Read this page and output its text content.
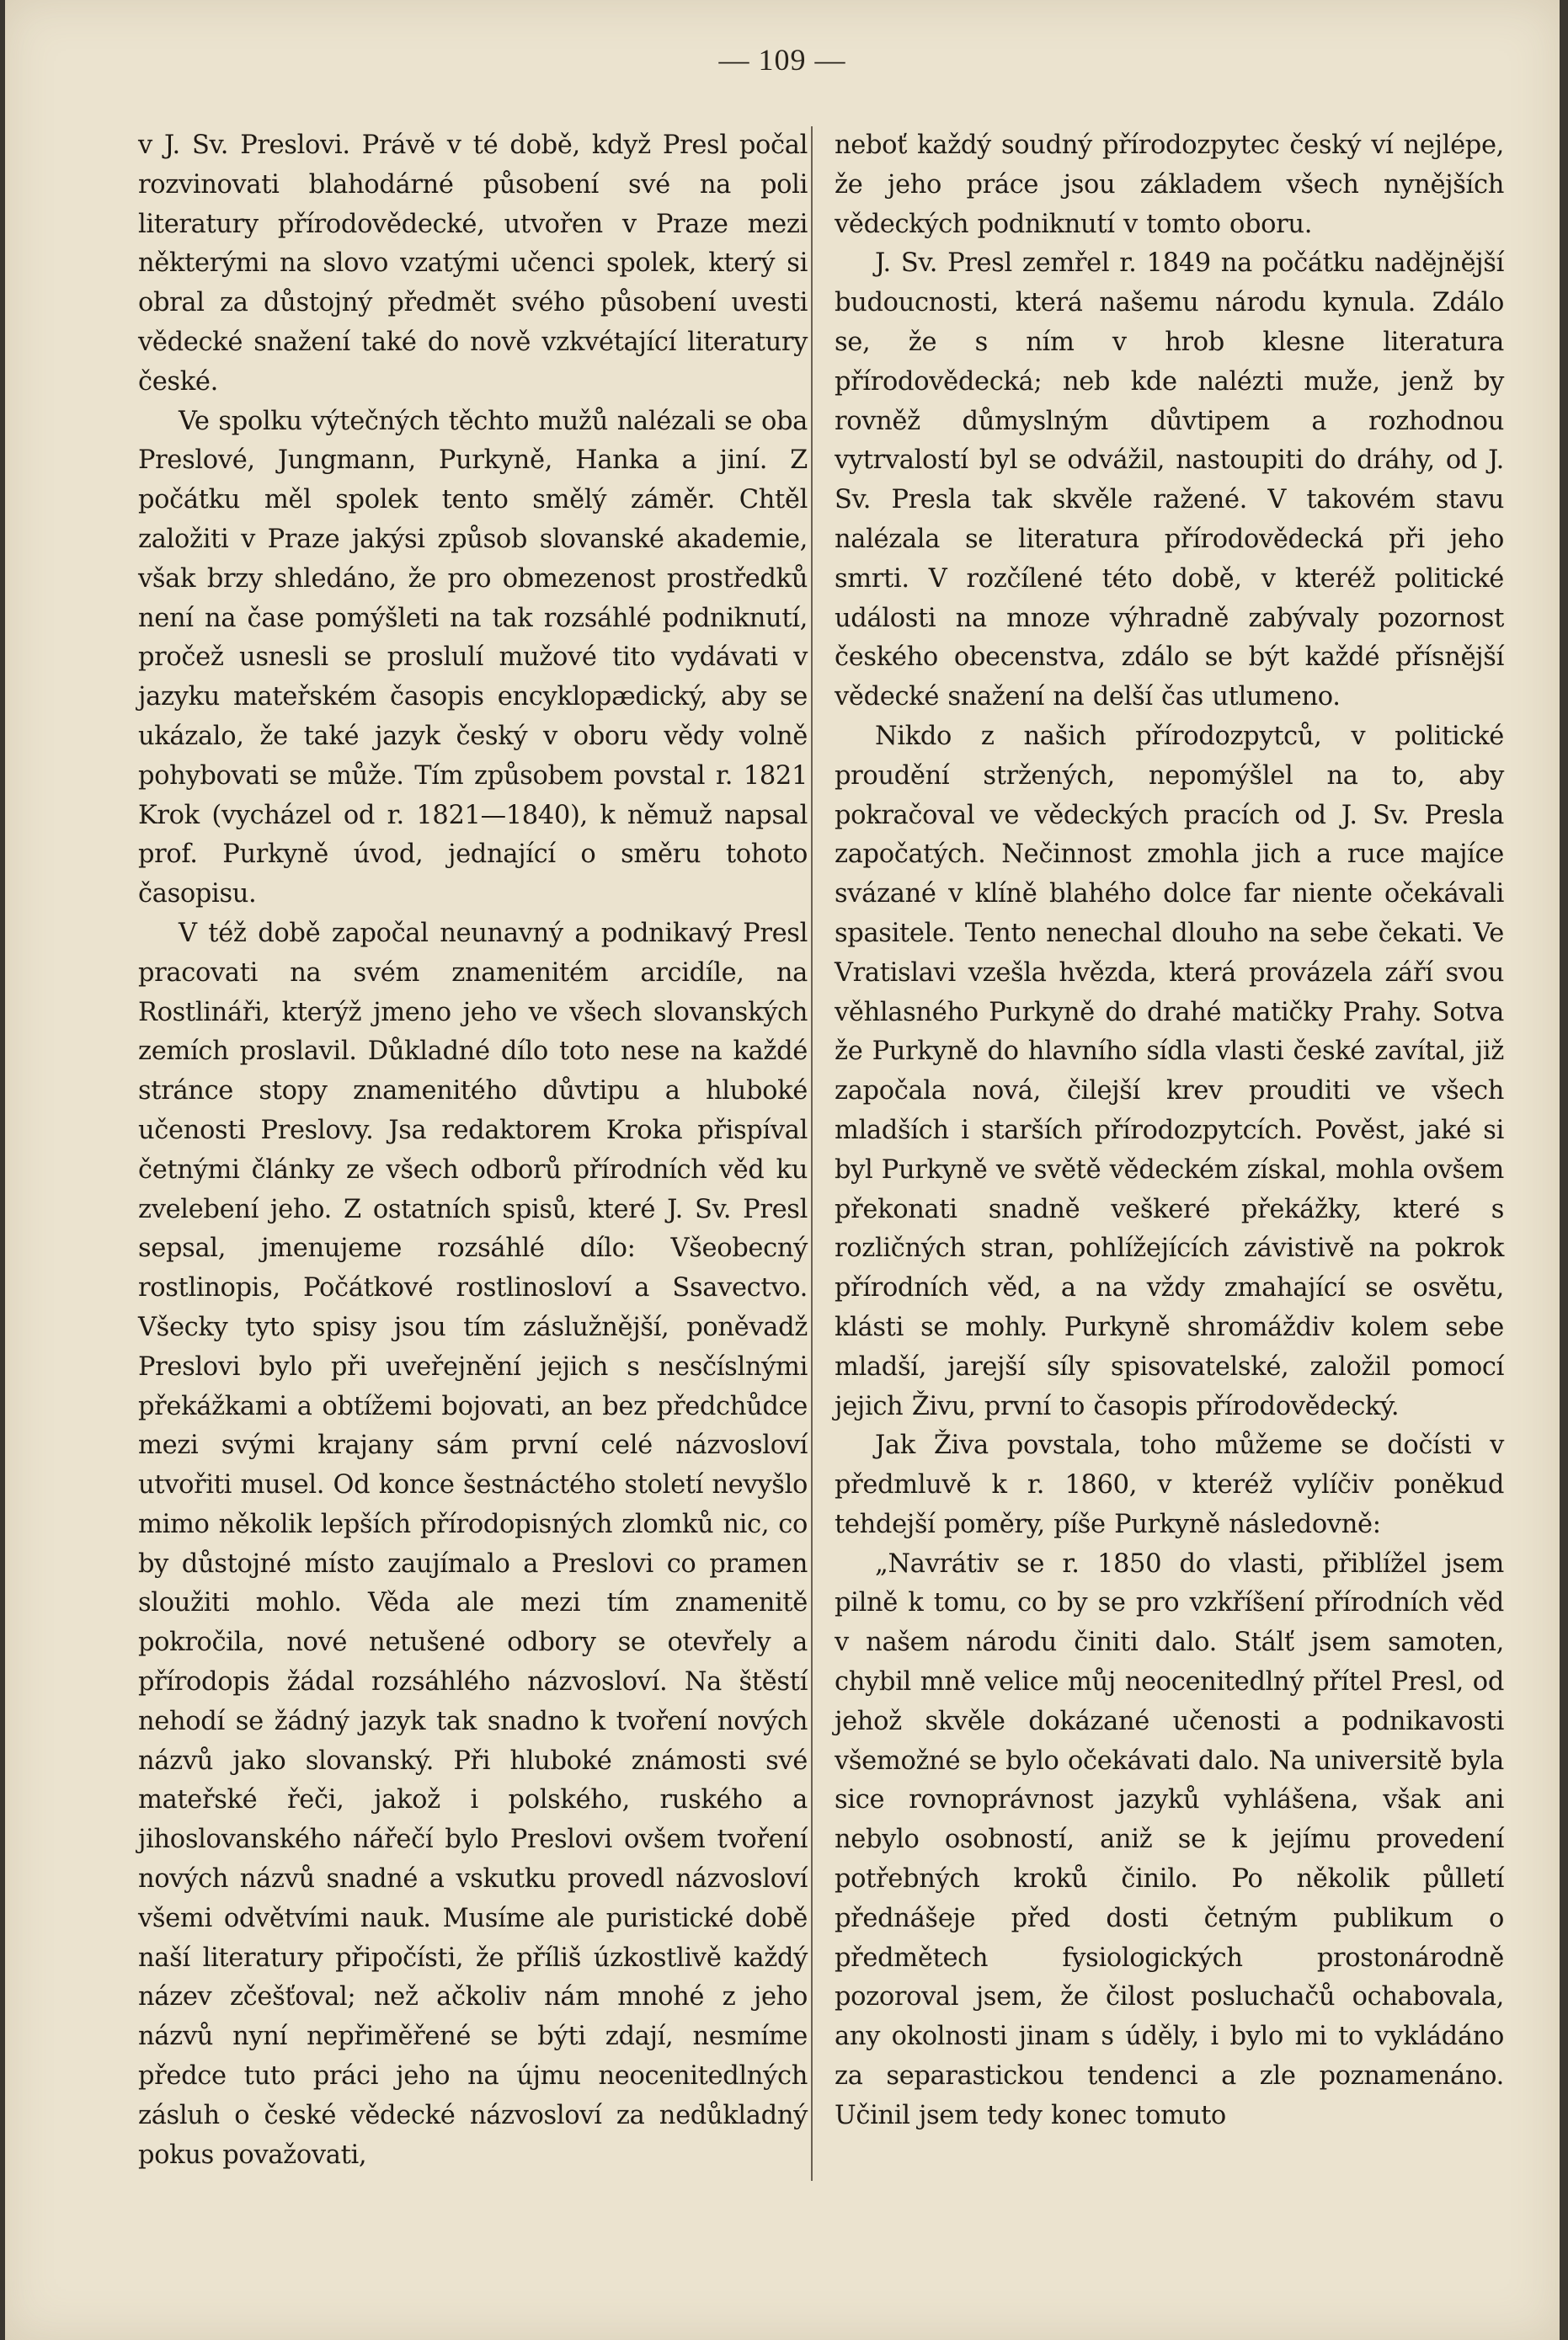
— 109 —

v J. Sv. Preslovi. Právě v té době, když Presl počal rozvinovati blahodárné působení své na poli literatury přírodovědecké, utvořen v Praze mezi některými na slovo vzatými učenci spolek, který si obral za důstojný předmět svého působení uvesti vědecké snažení také do nově vzkvétající literatury české.

Ve spolku výtečných těchto mužů nalézali se oba Preslové, Jungmann, Purkyně, Hanka a jiní. Z počátku měl spolek tento smělý záměr. Chtěl založiti v Praze jakýsi způsob slovanské akademie, však brzy shledáno, že pro obmezenost prostředků není na čase pomýšleti na tak rozsáhlé podniknutí, pročež usnesli se proslulí mužové tito vydávati v jazyku mateřském časopis encyklopædický, aby se ukázalo, že také jazyk český v oboru vědy volně pohybovati se může. Tím způsobem povstal r. 1821 Krok (vycházel od r. 1821—1840), k němuž napsal prof. Purkyně úvod, jednající o směru tohoto časopisu.

V též době započal neunavný a podnikavý Presl pracovati na svém znamenitém arcidíle, na Rostlináři, kterýž jmeno jeho ve všech slovanských zemích proslavil. Důkladné dílo toto nese na každé stránce stopy znamenitého důvtipu a hluboké učenosti Preslovy. Jsa redaktorem Kroka přispíval četnými články ze všech odborů přírodních věd ku zvelebení jeho. Z ostatních spisů, které J. Sv. Presl sepsal, jmenujeme rozsáhlé dílo: Všeobecný rostlinopis, Počátkové rostlinosloví a Ssavectvo. Všecky tyto spisy jsou tím záslužnější, poněvadž Preslovi bylo při uveřejnění jejich s nesčíslnými překážkami a obtížemi bojovati, an bez předchůdce mezi svými krajany sám první celé názvosloví utvořiti musel. Od konce šestnáctého století nevyšlo mimo několik lepších přírodopisných zlomků nic, co by důstojné místo zaujímalo a Preslovi co pramen sloužiti mohlo. Věda ale mezi tím znamenitě pokročila, nové netušené odbory se otevřely a přírodopis žádal rozsáhlého názvosloví. Na štěstí nehodí se žádný jazyk tak snadno k tvoření nových názvů jako slovanský. Při hluboké známosti své mateřské řeči, jakož i polského, ruského a jihoslovanského nářečí bylo Preslovi ovšem tvoření nových názvů snadné a vskutku provedl názvosloví všemi odvětvími nauk. Musíme ale puristické době naší literatury připočísti, že příliš úzkostlivě každý název zčešťoval; než ačkoliv nám mnohé z jeho názvů nyní nepřiměřené se býti zdají, nesmíme předce tuto práci jeho na újmu neocenitedlných zásluh o české vědecké názvosloví za nedůkladný pokus považovati,

neboť každý soudný přírodozpytec český ví nejlépe, že jeho práce jsou základem všech nynějších vědeckých podniknutí v tomto oboru.

J. Sv. Presl zemřel r. 1849 na počátku nadějnější budoucnosti, která našemu národu kynula. Zdálo se, že s ním v hrob klesne literatura přírodovědecká; neb kde nalézti muže, jenž by rovněž důmyslným důvtipem a rozhodnou vytrvalostí byl se odvážil, nastoupiti do dráhy, od J. Sv. Presla tak skvěle ražené. V takovém stavu nalézala se literatura přírodovědecká při jeho smrti. V rozčílené této době, v kteréž politické události na mnoze výhradně zabývaly pozornost českého obecenstva, zdálo se být každé přísnější vědecké snažení na delší čas utlumeno.

Nikdo z našich přírodozpytců, v politické proudění stržených, nepomýšlel na to, aby pokračoval ve vědeckých pracích od J. Sv. Presla započatých. Nečinnost zmohla jich a ruce majíce svázané v klíně blahého dolce far niente očekávali spasitele. Tento nenechal dlouho na sebe čekati. Ve Vratislavi vzešla hvězda, která provázela září svou věhlasného Purkyně do drahé matičky Prahy. Sotva že Purkyně do hlavního sídla vlasti české zavítal, již započala nová, čilejší krev prouditi ve všech mladších i starších přírodozpytcích. Pověst, jaké si byl Purkyně ve světě vědeckém získal, mohla ovšem překonati snadně veškeré překážky, které s rozličných stran, pohlížejících závistivě na pokrok přírodních věd, a na vždy zmahající se osvětu, klásti se mohly. Purkyně shromáždiv kolem sebe mladší, jarejší síly spisovatelské, založil pomocí jejich Živu, první to časopis přírodovědecký.

Jak Živa povstala, toho můžeme se dočísti v předmluvě k r. 1860, v kteréž vylíčiv poněkud tehdejší poměry, píše Purkyně následovně:

„Navrátiv se r. 1850 do vlasti, přiblížel jsem pilně k tomu, co by se pro vzkříšení přírodních věd v našem národu činiti dalo. Stálť jsem samoten, chybil mně velice můj neocenitedlný přítel Presl, od jehož skvěle dokázané učenosti a podnikavosti všemožné se bylo očekávati dalo. Na universitě byla sice rovnoprávnost jazyků vyhlášena, však ani nebylo osobností, aniž se k jejímu provedení potřebných kroků činilo. Po několik půlletí přednášeje před dosti četným publikum o předmětech fysiologických prostonárodně pozoroval jsem, že čilost posluchačů ochabovala, any okolnosti jinam s úděly, i bylo mi to vykládáno za separastickou tendenci a zle poznamenáno. Učinil jsem tedy konec tomuto
